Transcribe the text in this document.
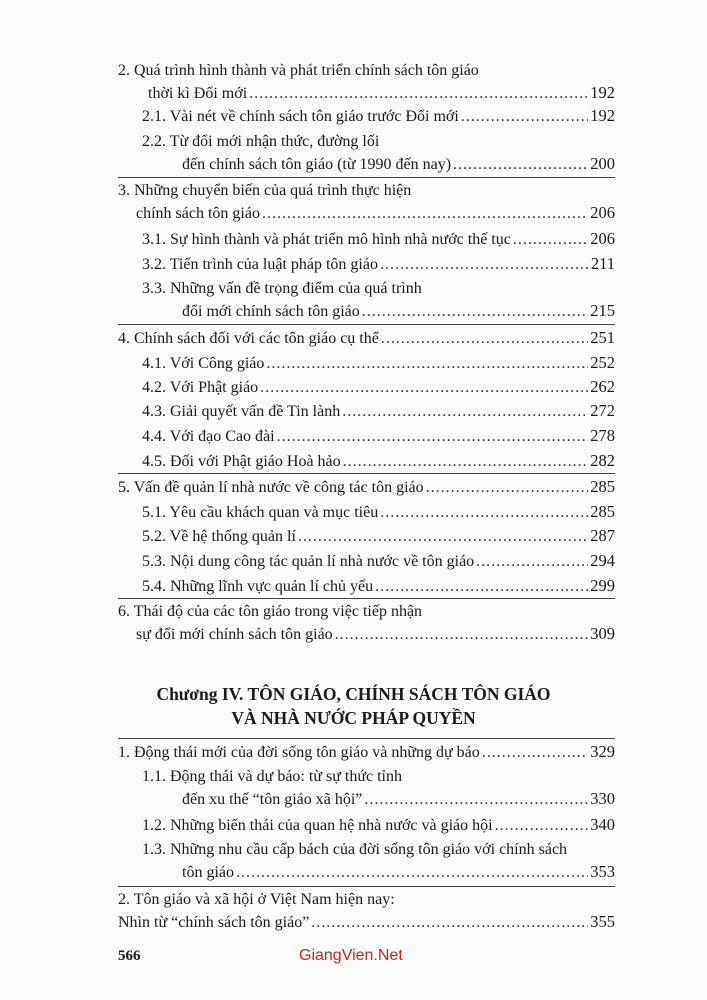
2. Quá trình hình thành và phát triển chính sách tôn giáo
thời kì Đổi mới .....	192
2.1. Vài nét về chính sách tôn giáo trước Đổi mới .....	192
2.2. Từ đổi mới nhận thức, đường lối
đến chính sách tôn giáo (từ 1990 đến nay) .....	200
3. Những chuyển biến của quá trình thực hiện
chính sách tôn giáo .....	206
3.1. Sự hình thành và phát triển mô hình nhà nước thế tục .....	206
3.2. Tiến trình của luật pháp tôn giáo .....	211
3.3. Những vấn đề trọng điểm của quá trình
đổi mới chính sách tôn giáo .....	215
4. Chính sách đối với các tôn giáo cụ thể .....	251
4.1. Với Công giáo .....	252
4.2. Với Phật giáo .....	262
4.3. Giải quyết vấn đề Tin lành .....	272
4.4. Với đạo Cao đài .....	278
4.5. Đối với Phật giáo Hoà hảo .....	282
5. Vấn đề quản lí nhà nước về công tác tôn giáo .....	285
5.1. Yêu cầu khách quan và mục tiêu .....	285
5.2. Về hệ thống quản lí .....	287
5.3. Nội dung công tác quản lí nhà nước về tôn giáo .....	294
5.4. Những lĩnh vực quản lí chủ yếu .....	299
6. Thái độ của các tôn giáo trong việc tiếp nhận
sự đổi mới chính sách tôn giáo .....	309
Chương IV. TÔN GIÁO, CHÍNH SÁCH TÔN GIÁO
VÀ NHÀ NƯỚC PHÁP QUYỀN
1. Động thái mới của đời sống tôn giáo và những dự báo .....	329
1.1. Động thái và dự báo: từ sự thức tỉnh
đến xu thế “tôn giáo xã hội” .....	330
1.2. Những biến thái của quan hệ nhà nước và giáo hội .....	340
1.3. Những nhu cầu cấp bách của đời sống tôn giáo với chính sách
tôn giáo .....	353
2. Tôn giáo và xã hội ở Việt Nam hiện nay:
Nhìn từ “chính sách tôn giáo” .....	355
566	GiangVien.Net
